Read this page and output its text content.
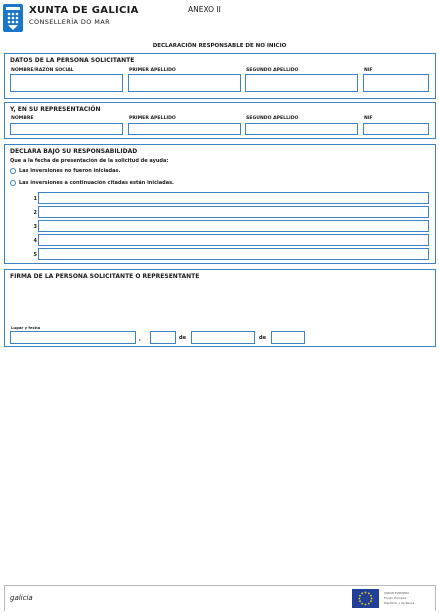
XUNTA DE GALICIA
CONSELLERÍA DO MAR
ANEXO II
DECLARACIÓN RESPONSABLE DE NO INICIO
DATOS DE LA PERSONA SOLICITANTE
NOMBRE/RAZÓN SOCIAL	PRIMER APELLIDO	SEGUNDO APELLIDO	NIF
Y, EN SU REPRESENTACIÓN
NOMBRE	PRIMER APELLIDO	SEGUNDO APELLIDO	NIF
DECLARA BAJO SU RESPONSABILIDAD
Que a la fecha de presentación de la solicitud de ayuda:
Las inversiones no fueron iniciadas.
Las inversiones a continuación citadas están iniciadas.
1
2
3
4
5
FIRMA DE LA PERSONA SOLICITANTE O REPRESENTANTE
Lugar y fecha
,	de	de
galicia
UNIÓN EUROPEA
Fondo Europeo
Marítimo y de Pesca
